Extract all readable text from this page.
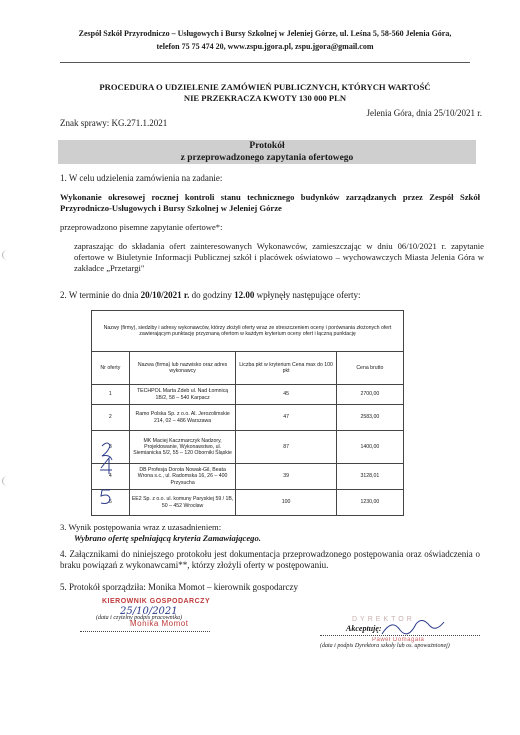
Zespół Szkół Przyrodniczo – Usługowych i Bursy Szkolnej w Jeleniej Górze, ul. Leśna 5, 58-560 Jelenia Góra,
telefon 75 75 474 20, www.zspu.jgora.pl, zspu.jgora@gmail.com
PROCEDURA O UDZIELENIE ZAMÓWIEŃ PUBLICZNYCH, KTÓRYCH WARTOŚĆ
NIE PRZEKRACZA KWOTY 130 000 PLN
Jelenia Góra, dnia 25/10/2021 r.
Znak sprawy: KG.271.1.2021
Protokół
z przeprowadzonego zapytania ofertowego
1. W celu udzielenia zamówienia na zadanie:
Wykonanie okresowej rocznej kontroli stanu technicznego budynków zarządzanych przez Zespół Szkół Przyrodniczo-Usługowych i Bursy Szkolnej w Jeleniej Górze
przeprowadzono pisemne zapytanie ofertowe*:
zapraszając do składania ofert zainteresowanych Wykonawców, zamieszczając w dniu 06/10/2021 r. zapytanie ofertowe w Biuletynie Informacji Publicznej szkół i placówek oświatowo – wychowawczych Miasta Jelenia Góra w zakładce „Przetargi"
2. W terminie do dnia 20/10/2021 r. do godziny 12.00 wpłynęły następujące oferty:
Nazwy (firmy), siedziby i adresy wykonawców, którzy złożyli oferty wraz ze streszczeniem oceny i porównania złożonych ofert zawierającym punktację przyznaną ofertom w każdym kryterium oceny ofert i łączną punktację			
Nr oferty	Nazwa (firma) lub nazwisko oraz adres wykonawcy	Liczba pkt w kryterium Cena max do 100 pkt	Cena brutto
1	TECHPOL Marta Zdeb ul. Nad Łomnicą 1B/2, 58 – 540 Karpacz	45	2700,00
2	Ramo Polska Sp. z o.o. Al. Jerozolimskie 214, 02 – 486 Warszawa	47	2583,00
3	MK Maciej Kaczmarczyk Nadzory, Projektowanie, Wykonawstwo, ul. Siemianicka 5/2, 55 – 120 Oborniki Śląskie	87	1400,00
4	DB Profesja Dorota Nowak-Gil, Beata Wrona s.c., ul. Radomska 16, 26 – 400 Przysucha	39	3128,01
5	EE2 Sp. z o.o. ul. komuny Paryskiej 59 / 1B, 50 – 452 Wrocław	100	1230,00
3. Wynik postępowania wraz z uzasadnieniem:
Wybrano ofertę spełniającą kryteria Zamawiającego.
4. Załącznikami do niniejszego protokołu jest dokumentacja przeprowadzonego postępowania oraz oświadczenia o braku powiązań z wykonawcami**, którzy złożyli oferty w postępowaniu.
5. Protokół sporządziła: Monika Momot – kierownik gospodarczy
KIEROWNIK GOSPODARCZY
25/10/2021
Monika Momot
(data i czytelny podpis pracownika)	DYREKTOR
Akceptuję:
Paweł Domagała
(data i podpis Dyrektora szkoły lub os. upoważnionej)
